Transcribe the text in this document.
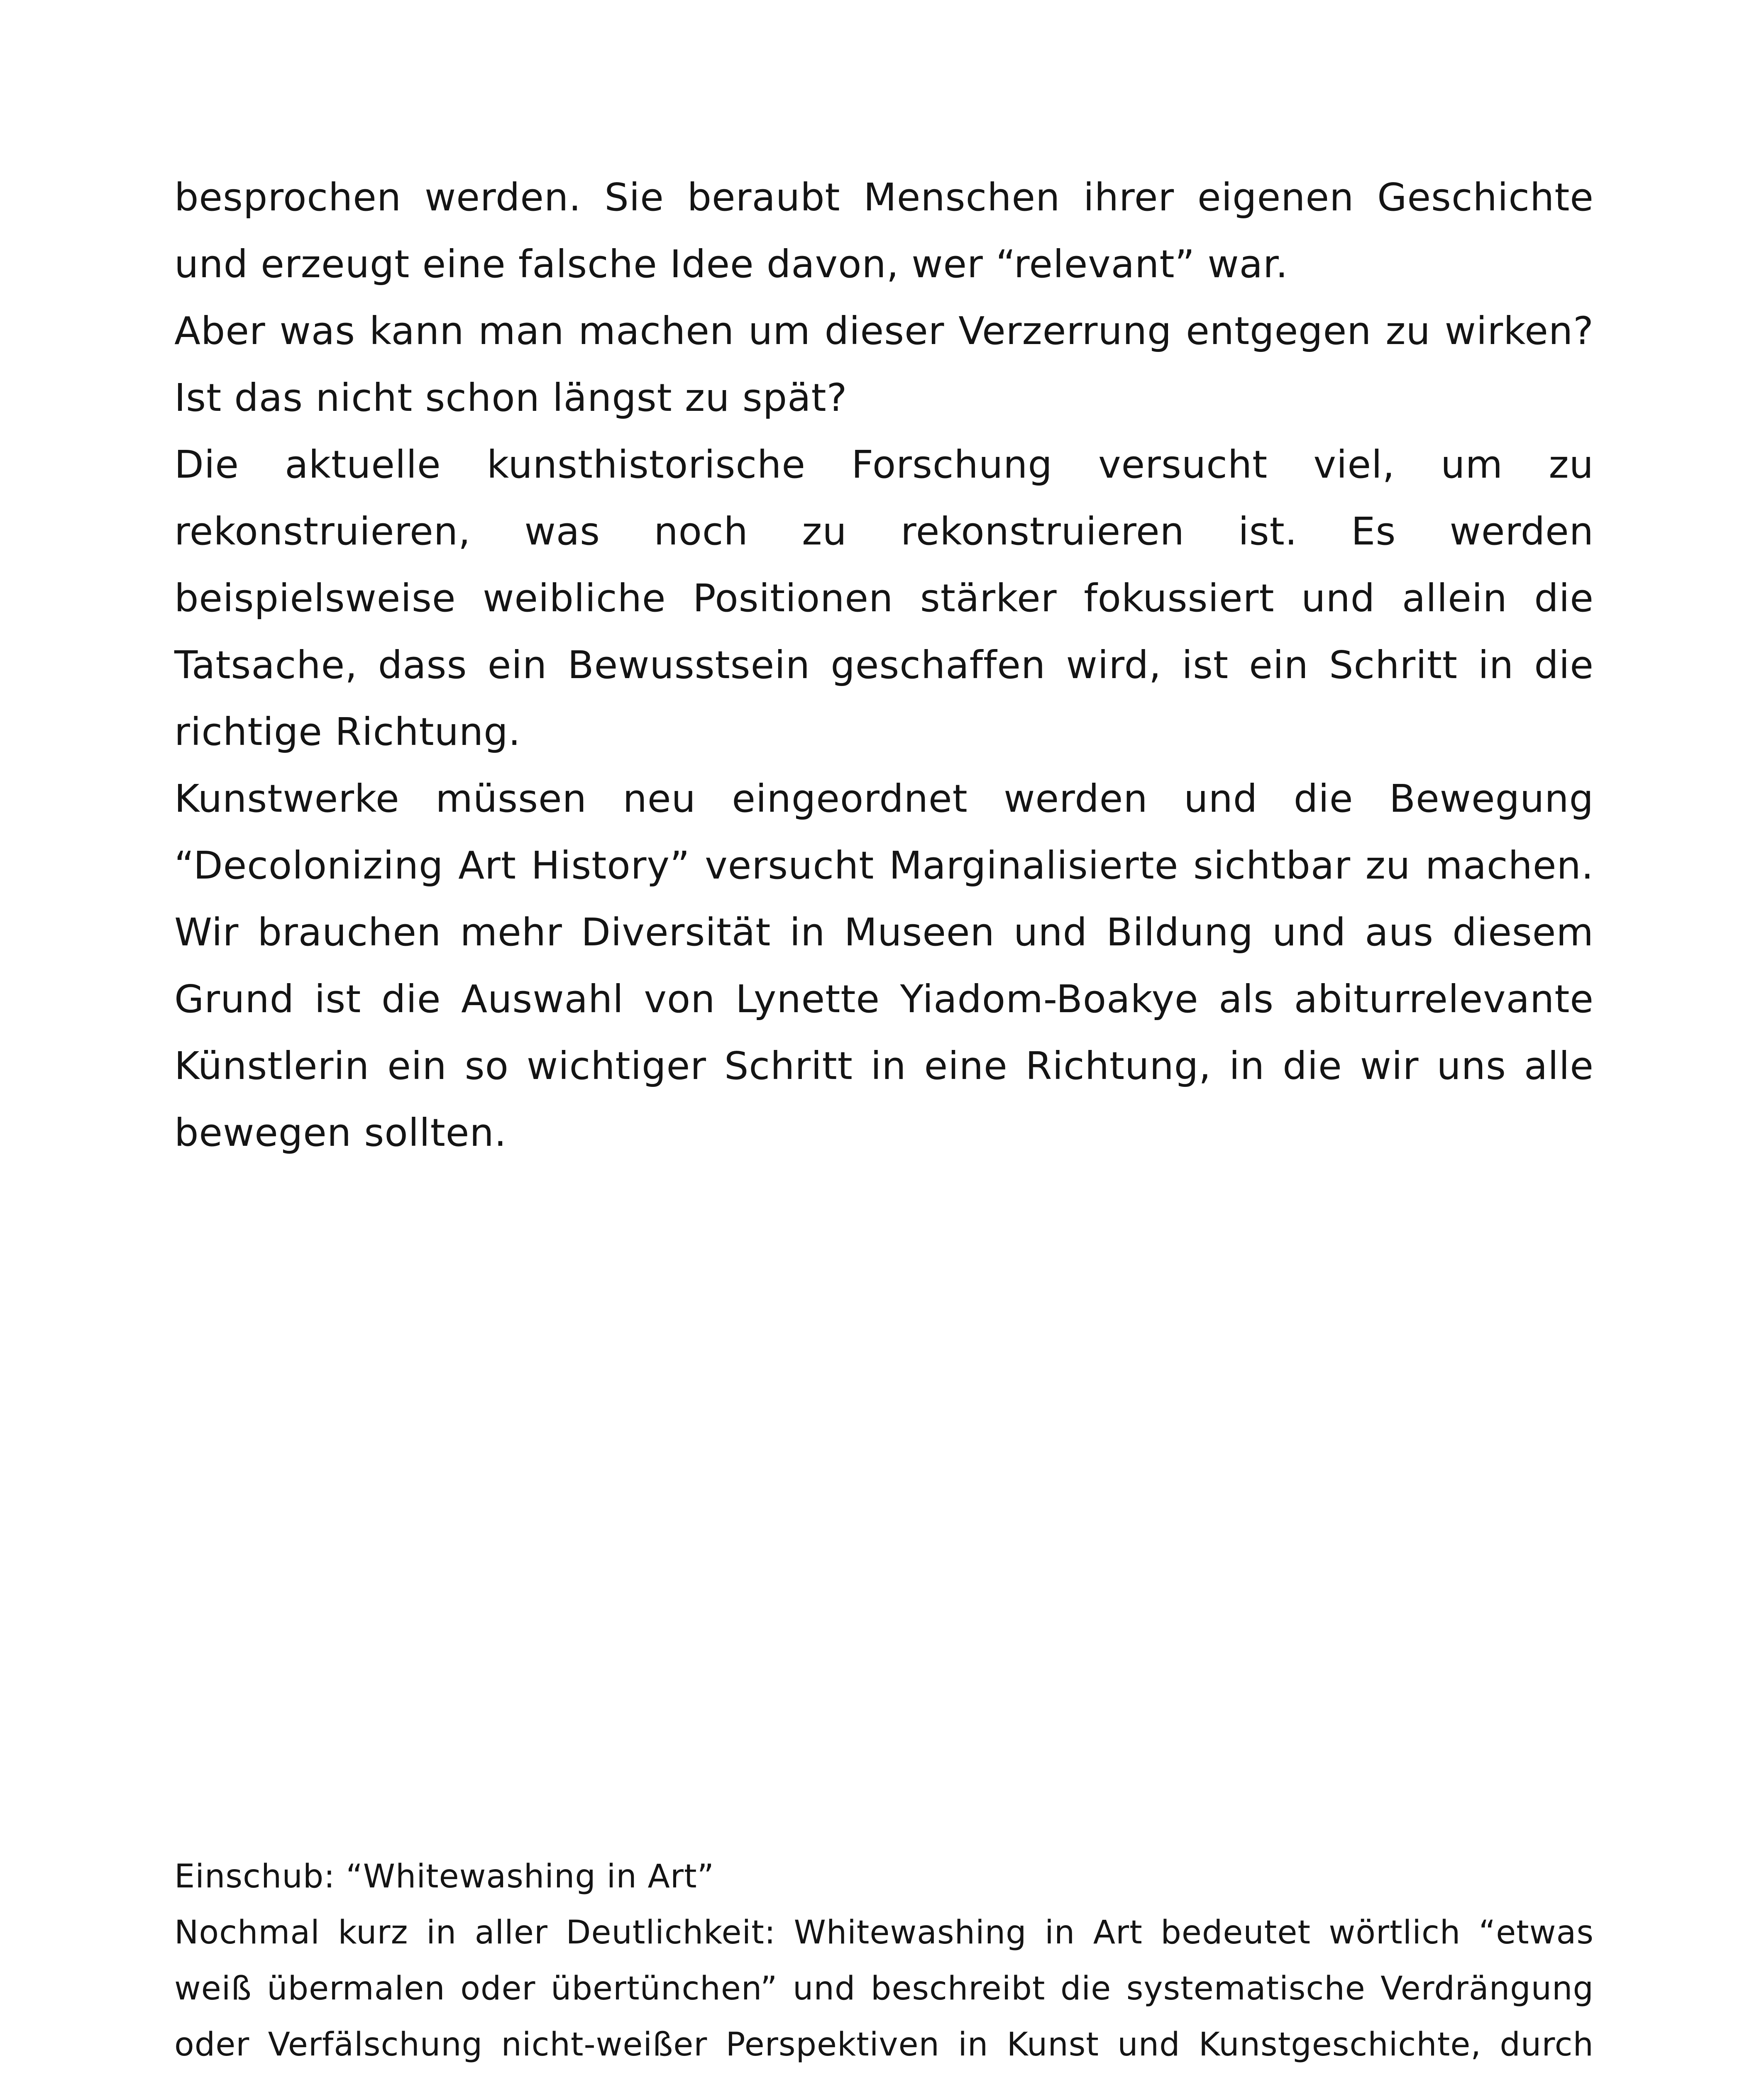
besprochen werden. Sie beraubt Menschen ihrer eigenen Geschichte und erzeugt eine falsche Idee davon, wer “relevant” war.

Aber was kann man machen um dieser Verzerrung entgegen zu wirken? Ist das nicht schon längst zu spät?

Die aktuelle kunsthistorische Forschung versucht viel, um zu rekonstruieren, was noch zu rekonstruieren ist. Es werden beispielsweise weibliche Positionen stärker fokussiert und allein die Tatsache, dass ein Bewusstsein geschaffen wird, ist ein Schritt in die richtige Richtung.

Kunstwerke müssen neu eingeordnet werden und die Bewegung “Decolonizing Art History” versucht Marginalisierte sichtbar zu machen. Wir brauchen mehr Diversität in Museen und Bildung und aus diesem Grund ist die Auswahl von Lynette Yiadom-Boakye als abiturrelevante Künstlerin ein so wichtiger Schritt in eine Richtung, in die wir uns alle bewegen sollten.

Einschub: “Whitewashing in Art”

Nochmal kurz in aller Deutlichkeit: Whitewashing in Art bedeutet wörtlich “etwas weiß übermalen oder übertünchen” und beschreibt die systematische Verdrängung oder Verfälschung nicht-weißer Perspektiven in Kunst und Kunstgeschichte, durch
